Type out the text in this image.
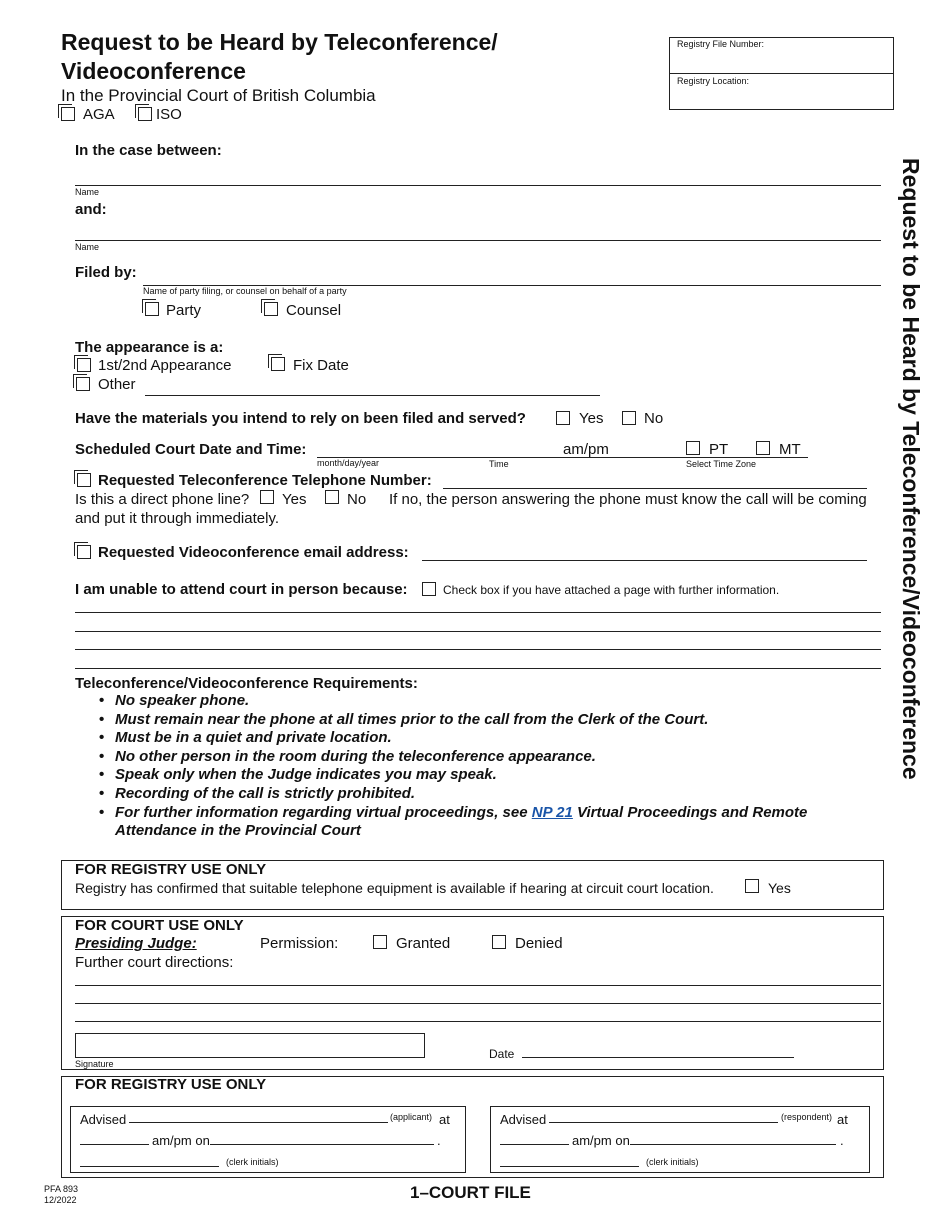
Request to be Heard by Teleconference/
Videoconference
In the Provincial Court of British Columbia
AGA	ISO
Registry File Number:
Registry Location:
Request to be Heard by Teleconference/Videoconference
In the case between:
Name
and:
Name
Filed by:
Name of party filing, or counsel on behalf of a party
Party	Counsel
The appearance is a:
1st/2nd Appearance	Fix Date
Other
Have the materials you intend to rely on been filed and served?	Yes	No
Scheduled Court Date and Time:	am/pm	PT	MT
month/day/year	Time	Select Time Zone
Requested Teleconference Telephone Number:
Is this a direct phone line? Yes	No If no, the person answering the phone must know the call will be coming
and put it through immediately.
Requested Videoconference email address:
I am unable to attend court in person because:	Check box if you have attached a page with further information.
Teleconference/Videoconference Requirements:
• No speaker phone.
• Must remain near the phone at all times prior to the call from the Clerk of the Court.
• Must be in a quiet and private location.
• No other person in the room during the teleconference appearance.
• Speak only when the Judge indicates you may speak.
• Recording of the call is strictly prohibited.
• For further information regarding virtual proceedings, see NP 21 Virtual Proceedings and Remote Attendance in the Provincial Court
FOR REGISTRY USE ONLY
Registry has confirmed that suitable telephone equipment is available if hearing at circuit court location.	Yes
FOR COURT USE ONLY
Presiding Judge:	Permission:	Granted	Denied
Further court directions:
Signature
Date
FOR REGISTRY USE ONLY
Advised	(applicant) at
am/pm on	.
(clerk initials)
Advised	(respondent) at
am/pm on	.
(clerk initials)
PFA 893
12/2022	1–COURT FILE
